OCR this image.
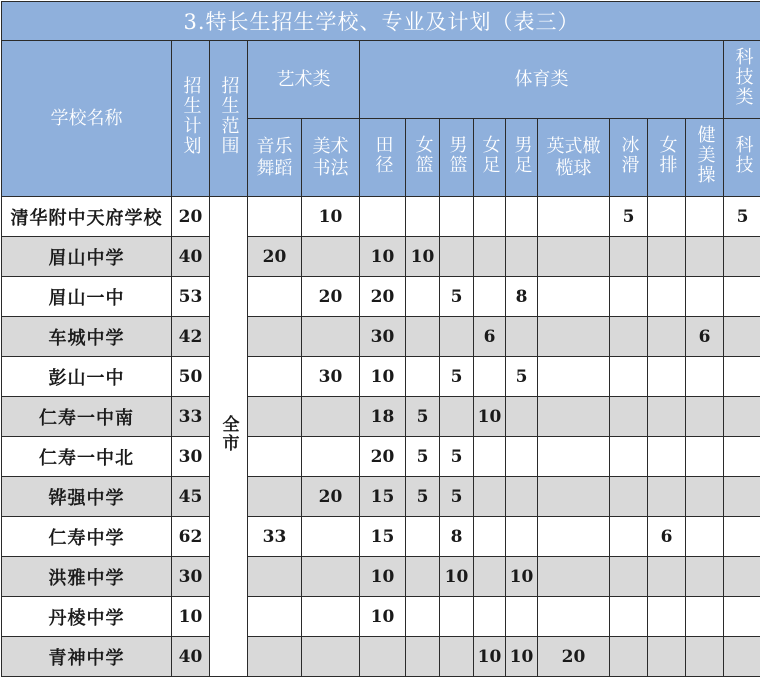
3.特长生招生学校、专业及计划（表三）														
学校名称	招生计划	招生范围	艺术类		体育类									科技类
			音乐舞蹈	美术书法	田径	女篮	男篮	女足	男足	英式橄榄球	冰滑	女排	健美操	科技
清华附中天府学校	20	全市		10							5			5
眉山中学	40		20		10	10								
眉山一中	53			20	20		5		8					
车城中学	42				30			6					6	
彭山一中	50			30	10		5		5					
仁寿一中南	33				18	5		10						
仁寿一中北	30				20	5	5							
铧强中学	45			20	15	5	5							
仁寿中学	62		33		15		8					6		
洪雅中学	30				10		10		10					
丹棱中学	10				10									
青神中学	40							10	10	20				
